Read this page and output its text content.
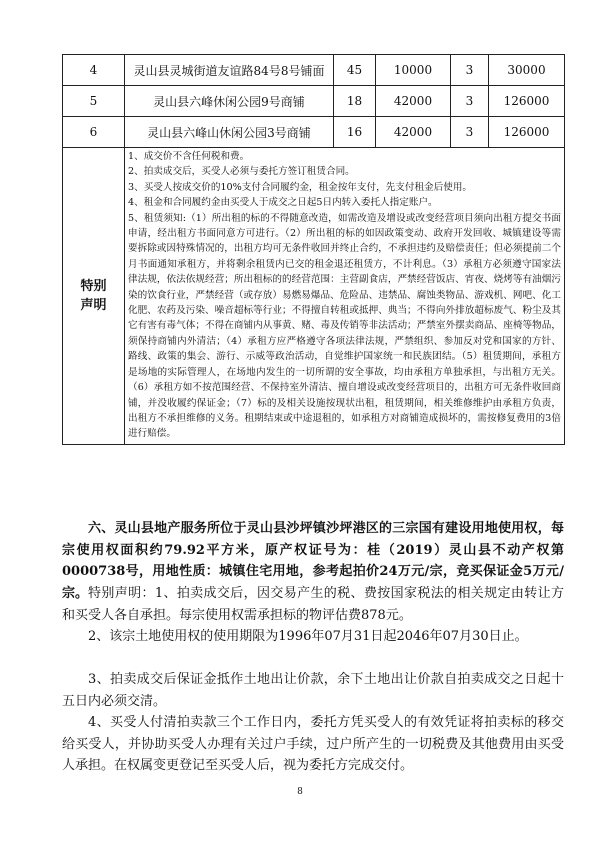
4	灵山县灵城街道友谊路84号8号铺面	45	10000	3	30000
5	灵山县六峰休闲公园9号商铺	18	42000	3	126000
6	灵山县六峰山休闲公园3号商铺	16	42000	3	126000
特别声明	1、成交价不含任何税和费。

2、拍卖成交后，买受人必须与委托方签订租赁合同。

3、买受人按成交价的10%支付合同履约金，租金按年支付，先支付租金后使用。

4、租金和合同履约金由买受人于成交之日起5日内转入委托人指定账户。

5、租赁须知:（1）所出租的标的不得随意改造，如需改造及增设或改变经营项目须向出租方提交书面申请，经出租方书面同意方可进行。（2）所出租的标的如因政策变动、政府开发回收、城镇建设等需要拆除或因特殊情况的，出租方均可无条件收回并终止合约，不承担违约及赔偿责任；但必须提前二个月书面通知承租方，并将剩余租赁内已交的租金退还租赁方，不计利息。（3）承租方必须遵守国家法律法规，依法依规经营；所出租标的的经营范围：主营副食店，严禁经营饭店、宵夜、烧烤等有油烟污染的饮食行业，严禁经营（或存放）易燃易爆品、危险品、违禁品、腐蚀类物品、游戏机、网吧、化工化肥、农药及污染、噪音超标等行业；不得擅自转租或抵押、典当；不得向外排放超标废气、粉尘及其它有害有毒气体；不得在商铺内从事黄、赌、毒及传销等非法活动；严禁室外摆卖商品、座椅等物品，须保持商铺内外清洁；（4）承租方应严格遵守各项法律法规，严禁组织、参加反对党和国家的方针、路线、政策的集会、游行、示威等政治活动，自觉维护国家统一和民族团结。（5）租赁期间，承租方是场地的实际管理人，在场地内发生的一切所谓的安全事故，均由承租方单独承担，与出租方无关。（6）承租方如不按范围经营、不保持室外清洁、擅自增设或改变经营项目的，出租方可无条件收回商铺，并没收履约保证金；（7）标的及相关设施按现状出租，租赁期间，相关维修维护由承租方负责，出租方不承担维修的义务。租期结束或中途退租的，如承租方对商铺造成损坏的，需按修复费用的3倍进行赔偿。				

六、灵山县地产服务所位于灵山县沙坪镇沙坪港区的三宗国有建设用地使用权，每宗使用权面积约79.92平方米，原产权证号为：桂（2019）灵山县不动产权第0000738号，用地性质：城镇住宅用地，参考起拍价24万元/宗，竞买保证金5万元/宗。 特别声明：1、拍卖成交后，因交易产生的税、费按国家税法的相关规定由转让方和买受人各自承担。每宗使用权需承担标的物评估费878元。

2、该宗土地使用权的使用期限为1996年07月31日起2046年07月30日止。

3、拍卖成交后保证金抵作土地出让价款，余下土地出让价款自拍卖成交之日起十五日内必须交清。

4、买受人付清拍卖款三个工作日内，委托方凭买受人的有效凭证将拍卖标的移交给买受人，并协助买受人办理有关过户手续，过户所产生的一切税费及其他费用由买受人承担。在权属变更登记至买受人后，视为委托方完成交付。

8
